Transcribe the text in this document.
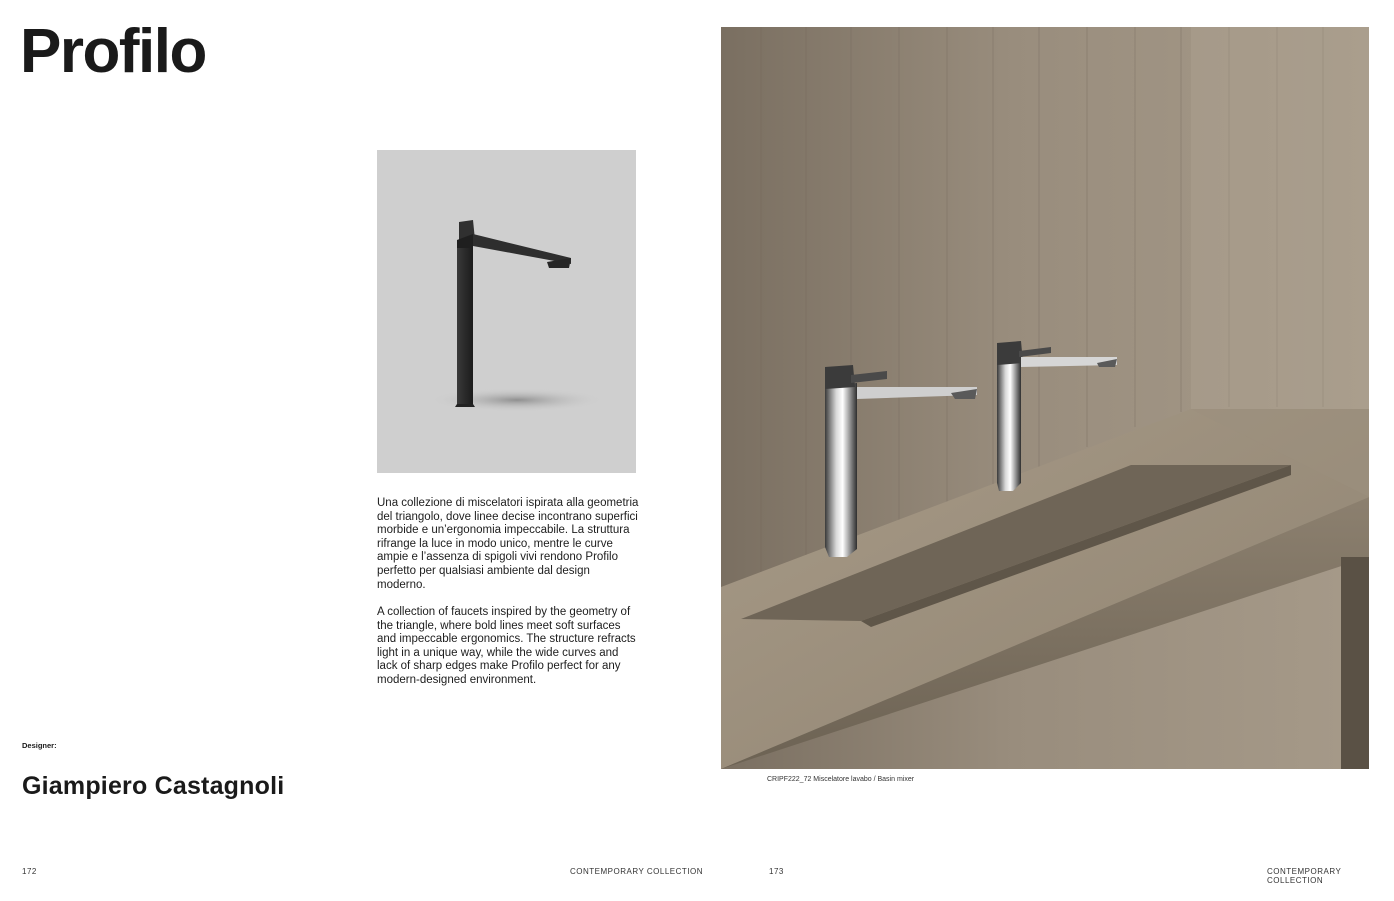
Profilo

Una collezione di miscelatori ispirata alla geometria del triangolo, dove linee decise incontrano superfici morbide e un’ergonomia impeccabile. La struttura rifrange la luce in modo unico, mentre le curve ampie e l’assenza di spigoli vivi rendono Profilo perfetto per qualsiasi ambiente dal design moderno.

A collection of faucets inspired by the geometry of the triangle, where bold lines meet soft surfaces and impeccable ergonomics. The structure refracts light in a unique way, while the wide curves and lack of sharp edges make Profilo perfect for any modern-designed environment.

Designer:
Giampiero Castagnoli	CRIPF222_72 Miscelatore lavabo / Basin mixer
172	CONTEMPORARY COLLECTION	173	CONTEMPORARY COLLECTION
